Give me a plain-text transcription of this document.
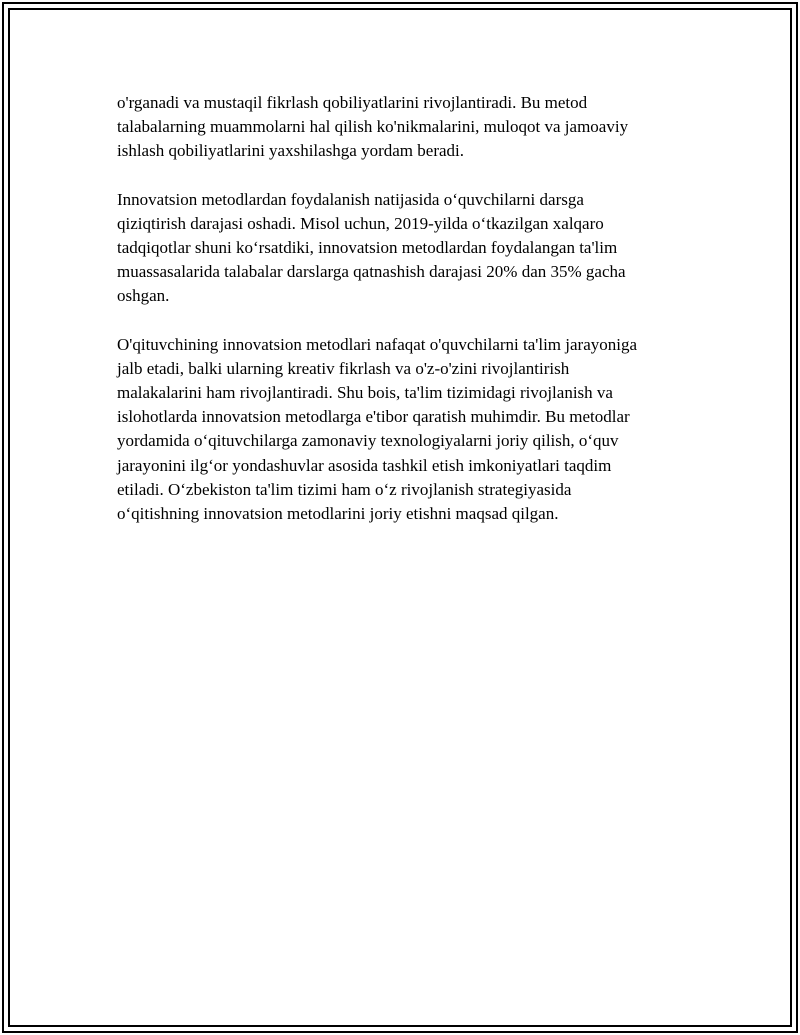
o'rganadi va mustaqil fikrlash qobiliyatlarini rivojlantiradi. Bu metod
talabalarning muammolarni hal qilish ko'nikmalarini, muloqot va jamoaviy
ishlash qobiliyatlarini yaxshilashga yordam beradi.

Innovatsion metodlardan foydalanish natijasida o‘quvchilarni darsga
qiziqtirish darajasi oshadi. Misol uchun, 2019-yilda o‘tkazilgan xalqaro
tadqiqotlar shuni ko‘rsatdiki, innovatsion metodlardan foydalangan ta'lim
muassasalarida talabalar darslarga qatnashish darajasi 20% dan 35% gacha
oshgan.

O'qituvchining innovatsion metodlari nafaqat o'quvchilarni ta'lim jarayoniga
jalb etadi, balki ularning kreativ fikrlash va o'z-o'zini rivojlantirish
malakalarini ham rivojlantiradi. Shu bois, ta'lim tizimidagi rivojlanish va
islohotlarda innovatsion metodlarga e'tibor qaratish muhimdir. Bu metodlar
yordamida o‘qituvchilarga zamonaviy texnologiyalarni joriy qilish, o‘quv
jarayonini ilg‘or yondashuvlar asosida tashkil etish imkoniyatlari taqdim
etiladi. O‘zbekiston ta'lim tizimi ham o‘z rivojlanish strategiyasida
o‘qitishning innovatsion metodlarini joriy etishni maqsad qilgan.
